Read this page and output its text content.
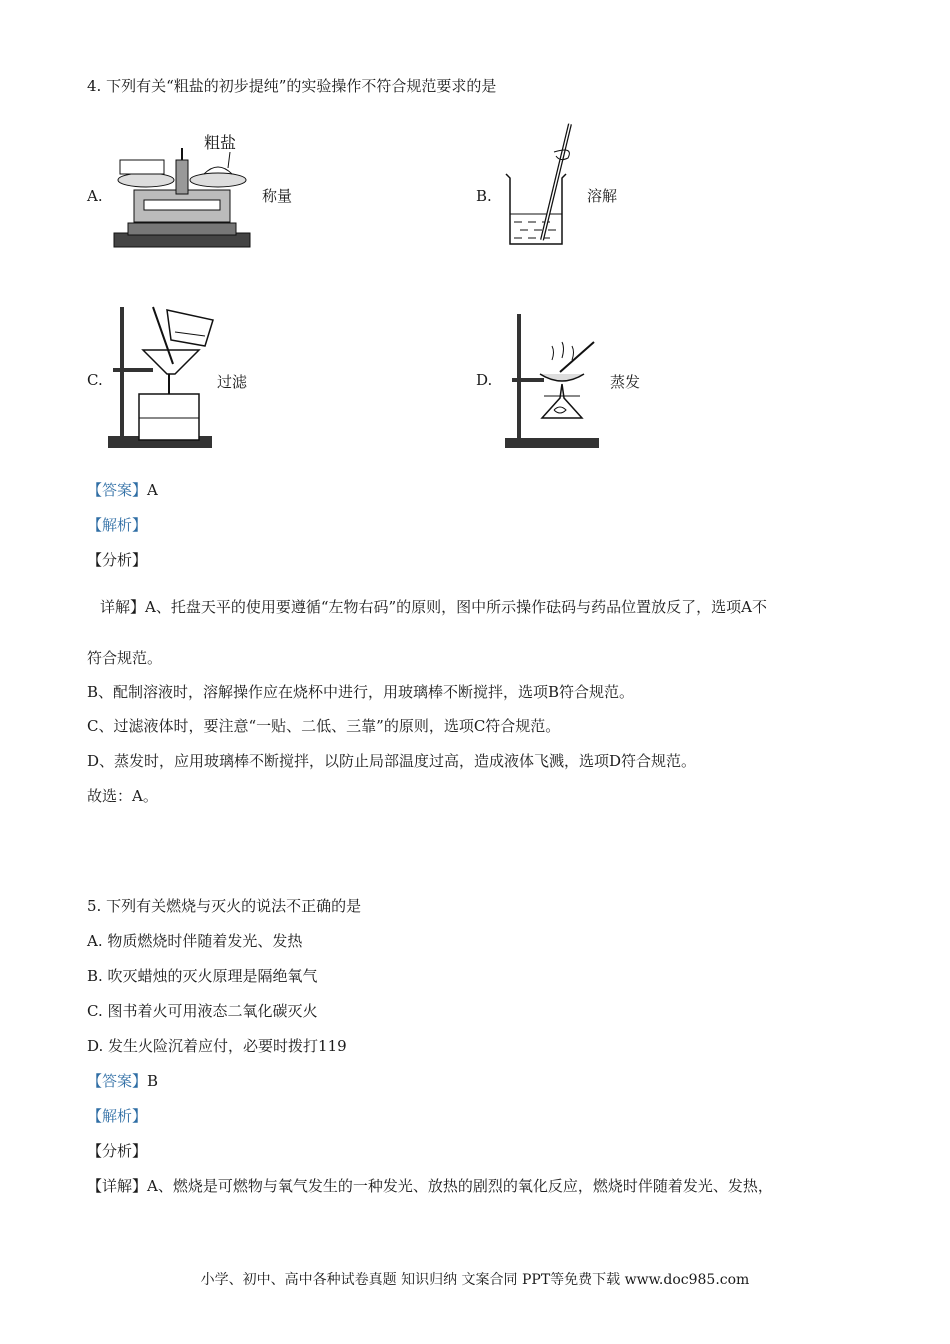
4. 下列有关“粗盐的初步提纯”的实验操作不符合规范要求的是
A.
粗盐
称量	B.	溶解
C.	过滤	D.	蒸发
【答案】A
【解析】
【分析】
详解】A、托盘天平的使用要遵循“左物右码”的原则，图中所示操作砝码与药品位置放反了，选项A不
符合规范。
B、配制溶液时，溶解操作应在烧杯中进行，用玻璃棒不断搅拌，选项B符合规范。
C、过滤液体时，要注意“一贴、二低、三靠”的原则，选项C符合规范。
D、蒸发时，应用玻璃棒不断搅拌，以防止局部温度过高，造成液体飞溅，选项D符合规范。
故选：A。
5. 下列有关燃烧与灭火的说法不正确的是
A. 物质燃烧时伴随着发光、发热
B. 吹灭蜡烛的灭火原理是隔绝氧气
C. 图书着火可用液态二氧化碳灭火
D. 发生火险沉着应付，必要时拨打119
【答案】B
【解析】
【分析】
【详解】A、燃烧是可燃物与氧气发生的一种发光、放热的剧烈的氧化反应，燃烧时伴随着发光、发热，
小学、初中、高中各种试卷真题 知识归纳 文案合同 PPT等免费下载 www.doc985.com
